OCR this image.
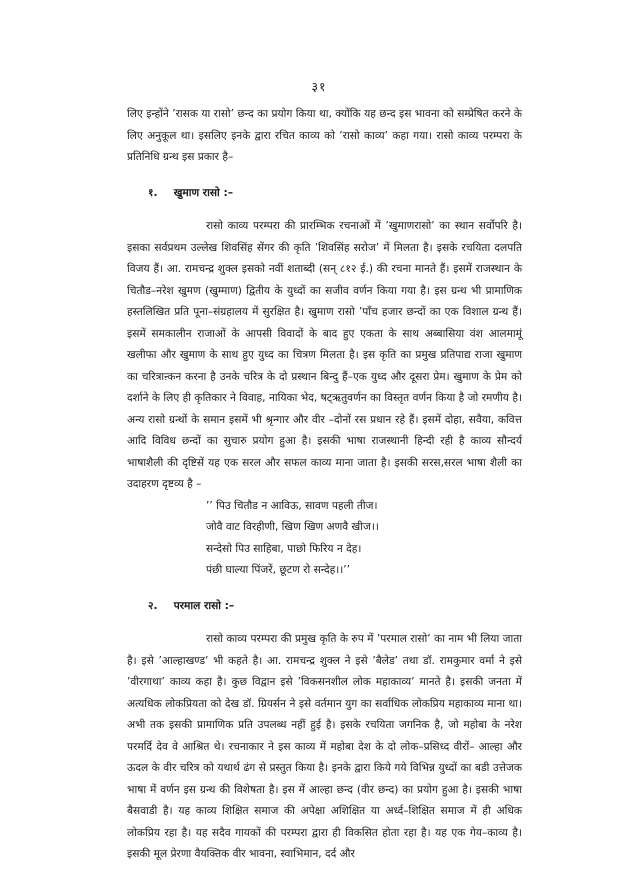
३१

लिए इन्होंने ’रासक या रासो’ छन्द का प्रयोग किया था, क्योंकि यह छन्द इस भावना को सम्प्रेषित करने के लिए अनुकूल था। इसलिए इनके द्वारा रचित काव्य को ’रासो काव्य’ कहा गया। रासो काव्य परम्परा के प्रतिनिधि ग्रन्थ इस प्रकार है–

१. खुमाण रासो :–

रासो काव्य परम्परा की प्रारम्भिक रचनाओं में ’खुमाणरासो’ का स्थान सर्वोपरि है। इसका सर्वप्रथम उल्लेख शिवसिंह सेंगर की कृति ’शिवसिंह सरोज’ में मिलता है। इसके रचयिता दलपति विजय हैं। आ. रामचन्द्र शुक्ल इसको नवीं शताब्दी (सन् ८१२ ई.) की रचना मानते हैं। इसमें राजस्थान के चितौड–नरेश खुमण (खुम्माण) द्वितीय के युध्दों का सजीव वर्णन किया गया है। इस ग्रन्थ भी प्रामाणिक हस्तलिखित प्रति पूना–संग्रहालय में सुरक्षित है। खुमाण रासो ’पाँच हजार छन्दों का एक विशाल ग्रन्थ हैं। इसमें समकालीन राजाओं के आपसी विवादों के बाद हुए एकता के साथ अब्बासिया वंश आलमामूं खलीफा और खुमाण के साथ हुए युध्द का चित्रण मिलता है। इस कृति का प्रमुख प्रतिपाद्य राजा खुमाण का चरित्राऩ्कन करना है उनके चरित्र के दो प्रस्थान बिन्दु हैं–एक युध्द और दूसरा प्रेम। खुमाण के प्रेम को दर्शाने के लिए ही कृतिकार ने विवाह, नायिका भेद, षट्‌ऋतुवर्णन का विस्तृत वर्णन किया है जो रमणीय है। अन्य रासो ग्रन्थों के समान इसमें भी श्रृन्गार और वीर –दोनों रस प्रधान रहे हैं। इसमें दोहा, सवैया, कवित्त आदि विविध छन्दों का सुचारु प्रयोग हुआ है। इसकी भाषा राजस्थानी हिन्दी रही है काव्य सौन्दर्य भाषाशैली की दृष्टिसें यह एक सरल और सफल काव्य माना जाता है। इसकी सरस,सरल भाषा शैली का उदाहरण दृष्टव्य है –

’’ पिउ चितौड न आविऊ, सावण पहली तीज।
जोवै वाट विरहीणी, खिण खिण अणवै खीज।।
सन्देसो पिउ साहिबा, पाछो फिरिय न देह।
पंछी घाल्या पिंजरें, छूटण रो सन्देह।।’’
२. परमाल रासो :–

रासो काव्य परम्परा की प्रमुख कृति के रुप में ’परमाल रासो’ का नाम भी लिया जाता है। इसे ’आल्हाखण्ड’ भी कहते है। आ. रामचन्द्र शुक्ल ने इसे ’बैलेड’ तथा डॉ. रामकुमार वर्मा ने इसे ’वीरगाथा’ काव्य कहा है। कुछ विद्वान इसे ’विकसनशील लोक महाकाव्य’ मानते है। इसकी जनता में अत्यधिक लोकप्रियता को देख डॉ. ग्रियर्सन ने इसे वर्तमान युग का सर्वाधिक लोकप्रिय महाकाव्य माना था। अभी तक इसकी प्रामाणिक प्रति उपलब्ध नहीं हुई है। इसके रचयिता जगनिक है, जो महोबा के नरेश परमर्दि देव वे आश्रित थे। रचनाकार ने इस काव्य में महोबा देश के दो लोक–प्रसिध्द वीरों– आल्हा और ऊदल के वीर चरित्र को यथार्थ ढंग से प्रस्तुत किया है। इनके द्वारा किये गये विभिन्न युध्दों का बडी उत्तेजक भाषा में वर्णन इस ग्रन्थ की विशेषता है। इस में आल्हा छन्द (वीर छन्द) का प्रयोग हुआ है। इसकी भाषा बैसवाडी है। यह काव्य शिक्षित समाज की अपेक्षा अशिक्षित या अर्ध्द–शिक्षित समाज में ही अधिक लोकप्रिय रहा है। यह सदैव गायकों की परम्परा द्वारा ही विकसित होता रहा है। यह एक गेय–काव्य है। इसकी मूल प्रेरणा वैयक्तिक वीर भावना, स्वाभिमान, दर्द और
